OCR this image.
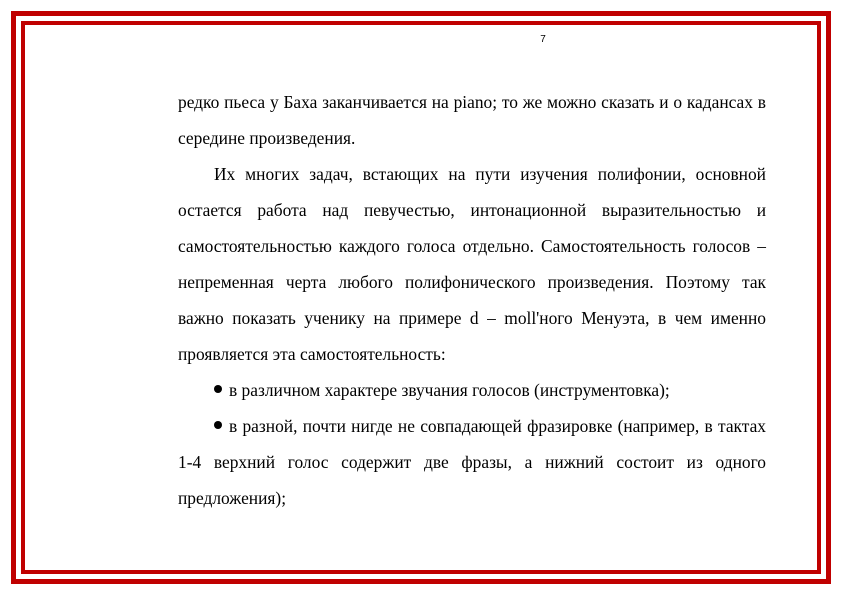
7

редко пьеса у Баха заканчивается на piano; то же можно сказать и о кадансах в середине произведения.

Их многих задач, встающих на пути изучения полифонии, основной остается работа над певучестью, интонационной выразительностью и самостоятельностью каждого голоса отдельно. Самостоятельность голосов – непременная черта любого полифонического произведения. Поэтому так важно показать ученику на примере d – moll'ного Менуэта, в чем именно проявляется эта самостоятельность:

в различном характере звучания голосов (инструментовка);

в разной, почти нигде не совпадающей фразировке (например, в тактах 1-4 верхний голос содержит две фразы, а нижний состоит из одного предложения);
